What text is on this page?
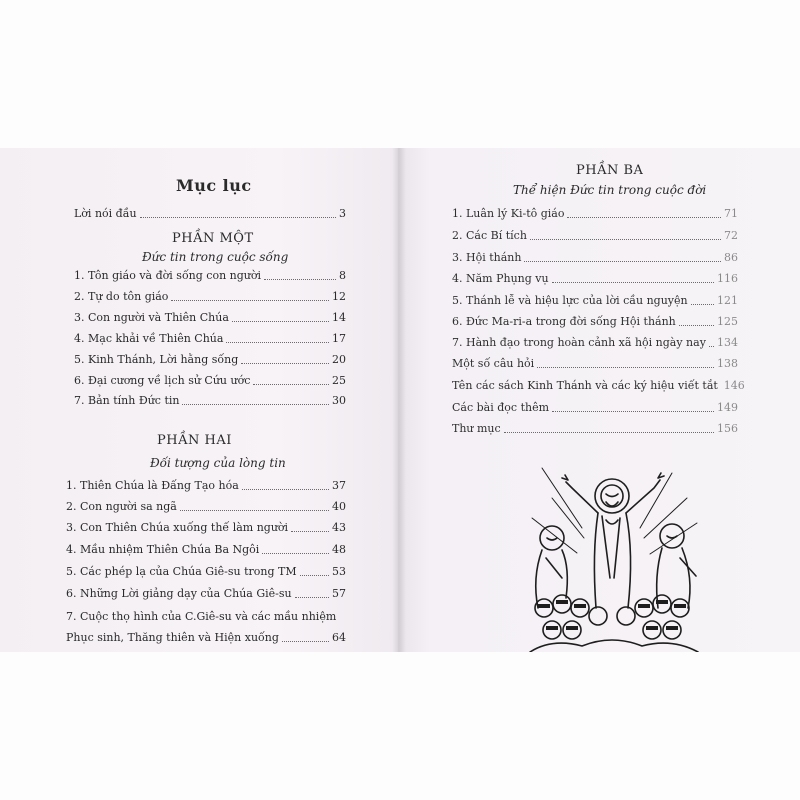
Mục lục
Lời nói đầu	3
PHẦN MỘT
Đức tin trong cuộc sống
1. Tôn giáo và đời sống con người	8
2. Tự do tôn giáo	12
3. Con người và Thiên Chúa	14
4. Mạc khải về Thiên Chúa	17
5. Kinh Thánh, Lời hằng sống	20
6. Đại cương về lịch sử Cứu ước	25
7. Bản tính Đức tin	30
PHẦN HAI
Đối tượng của lòng tin
1. Thiên Chúa là Đấng Tạo hóa	37
2. Con người sa ngã	40
3. Con Thiên Chúa xuống thế làm người	43
4. Mầu nhiệm Thiên Chúa Ba Ngôi	48
5. Các phép lạ của Chúa Giê-su trong TM	53
6. Những Lời giảng dạy của Chúa Giê-su	57
7. Cuộc thọ hình của C.Giê-su và các mầu nhiệm
Phục sinh, Thăng thiên và Hiện xuống	64
PHẦN BA
Thể hiện Đức tin trong cuộc đời
1. Luân lý Ki-tô giáo	71
2. Các Bí tích	72
3. Hội thánh	86
4. Năm Phụng vụ	116
5. Thánh lễ và hiệu lực của lời cầu nguyện	121
6. Đức Ma-ri-a trong đời sống Hội thánh	125
7. Hành đạo trong hoàn cảnh xã hội ngày nay 134
Một số câu hỏi	138
Tên các sách Kinh Thánh và các ký hiệu viết tắt 146
Các bài đọc thêm	149
Thư mục	156
